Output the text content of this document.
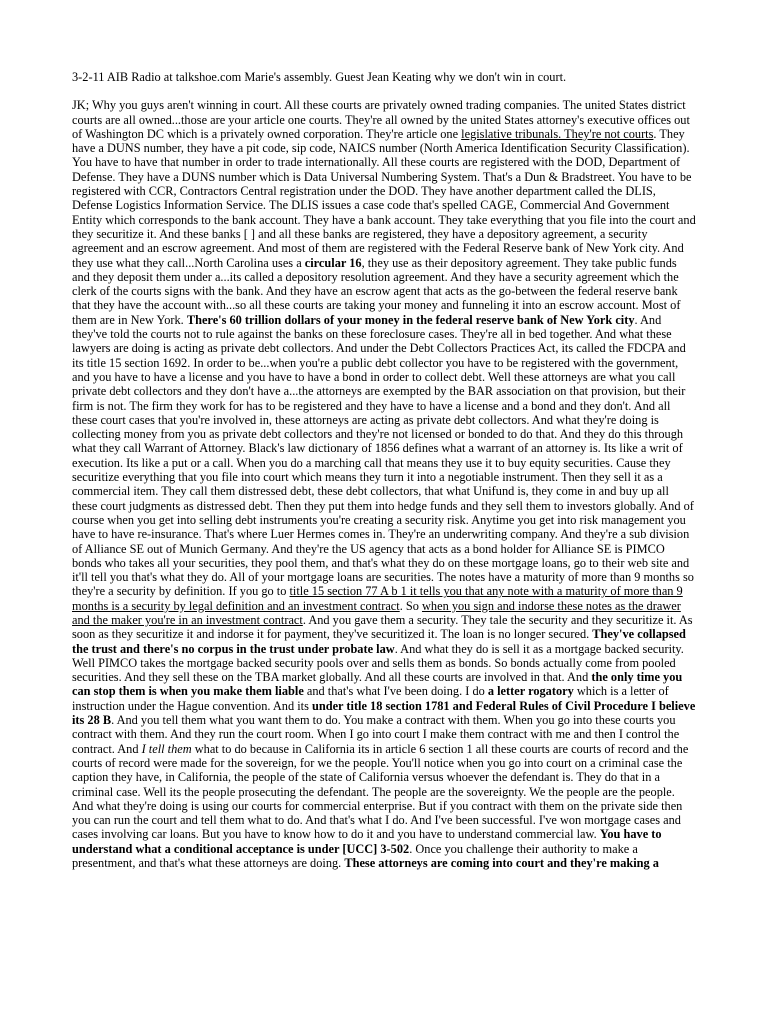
3-2-11 AIB Radio at talkshoe.com Marie's assembly. Guest Jean Keating why we don't win in court.

JK; Why you guys aren't winning in court. All these courts are privately owned trading companies. The united States district courts are all owned...those are your article one courts. They're all owned by the united States attorney's executive offices out of Washington DC which is a privately owned corporation. They're article one legislative tribunals. They're not courts. They have a DUNS number, they have a pit code, sip code, NAICS number (North America Identification Security Classification). You have to have that number in order to trade internationally. All these courts are registered with the DOD, Department of Defense. They have a DUNS number which is Data Universal Numbering System. That's a Dun & Bradstreet. You have to be registered with CCR, Contractors Central registration under the DOD. They have another department called the DLIS, Defense Logistics Information Service. The DLIS issues a case code that's spelled CAGE, Commercial And Government Entity which corresponds to the bank account. They have a bank account. They take everything that you file into the court and they securitize it. And these banks [ ] and all these banks are registered, they have a depository agreement, a security agreement and an escrow agreement. And most of them are registered with the Federal Reserve bank of New York city. And they use what they call...North Carolina uses a circular 16, they use as their depository agreement. They take public funds and they deposit them under a...its called a depository resolution agreement. And they have a security agreement which the clerk of the courts signs with the bank. And they have an escrow agent that acts as the go-between the federal reserve bank that they have the account with...so all these courts are taking your money and funneling it into an escrow account. Most of them are in New York. There's 60 trillion dollars of your money in the federal reserve bank of New York city. And they've told the courts not to rule against the banks on these foreclosure cases. They're all in bed together. And what these lawyers are doing is acting as private debt collectors. And under the Debt Collectors Practices Act, its called the FDCPA and its title 15 section 1692. In order to be...when you're a public debt collector you have to be registered with the government, and you have to have a license and you have to have a bond in order to collect debt. Well these attorneys are what you call private debt collectors and they don't have a...the attorneys are exempted by the BAR association on that provision, but their firm is not. The firm they work for has to be registered and they have to have a license and a bond and they don't. And all these court cases that you're involved in, these attorneys are acting as private debt collectors. And what they're doing is collecting money from you as private debt collectors and they're not licensed or bonded to do that. And they do this through what they call Warrant of Attorney. Black's law dictionary of 1856 defines what a warrant of an attorney is. Its like a writ of execution. Its like a put or a call. When you do a marching call that means they use it to buy equity securities. Cause they securitize everything that you file into court which means they turn it into a negotiable instrument. Then they sell it as a commercial item. They call them distressed debt, these debt collectors, that what Unifund is, they come in and buy up all these court judgments as distressed debt. Then they put them into hedge funds and they sell them to investors globally. And of course when you get into selling debt instruments you're creating a security risk. Anytime you get into risk management you have to have re-insurance. That's where Luer Hermes comes in. They're an underwriting company. And they're a sub division of Alliance SE out of Munich Germany. And they're the US agency that acts as a bond holder for Alliance SE is PIMCO bonds who takes all your securities, they pool them, and that's what they do on these mortgage loans, go to their web site and it'll tell you that's what they do. All of your mortgage loans are securities. The notes have a maturity of more than 9 months so they're a security by definition. If you go to title 15 section 77 A b 1 it tells you that any note with a maturity of more than 9 months is a security by legal definition and an investment contract. So when you sign and indorse these notes as the drawer and the maker you're in an investment contract. And you gave them a security. They tale the security and they securitize it. As soon as they securitize it and indorse it for payment, they've securitized it. The loan is no longer secured. They've collapsed the trust and there's no corpus in the trust under probate law. And what they do is sell it as a mortgage backed security. Well PIMCO takes the mortgage backed security pools over and sells them as bonds. So bonds actually come from pooled securities. And they sell these on the TBA market globally. And all these courts are involved in that. And the only time you can stop them is when you make them liable and that's what I've been doing. I do a letter rogatory which is a letter of instruction under the Hague convention. And its under title 18 section 1781 and Federal Rules of Civil Procedure I believe its 28 B. And you tell them what you want them to do. You make a contract with them. When you go into these courts you contract with them. And they run the court room. When I go into court I make them contract with me and then I control the contract. And I tell them what to do because in California its in article 6 section 1 all these courts are courts of record and the courts of record were made for the sovereign, for we the people. You'll notice when you go into court on a criminal case the caption they have, in California, the people of the state of California versus whoever the defendant is. They do that in a criminal case. Well its the people prosecuting the defendant. The people are the sovereignty. We the people are the people. And what they're doing is using our courts for commercial enterprise. But if you contract with them on the private side then you can run the court and tell them what to do. And that's what I do. And I've been successful. I've won mortgage cases and cases involving car loans. But you have to know how to do it and you have to understand commercial law. You have to understand what a conditional acceptance is under [UCC] 3-502. Once you challenge their authority to make a presentment, and that's what these attorneys are doing. These attorneys are coming into court and they're making a
